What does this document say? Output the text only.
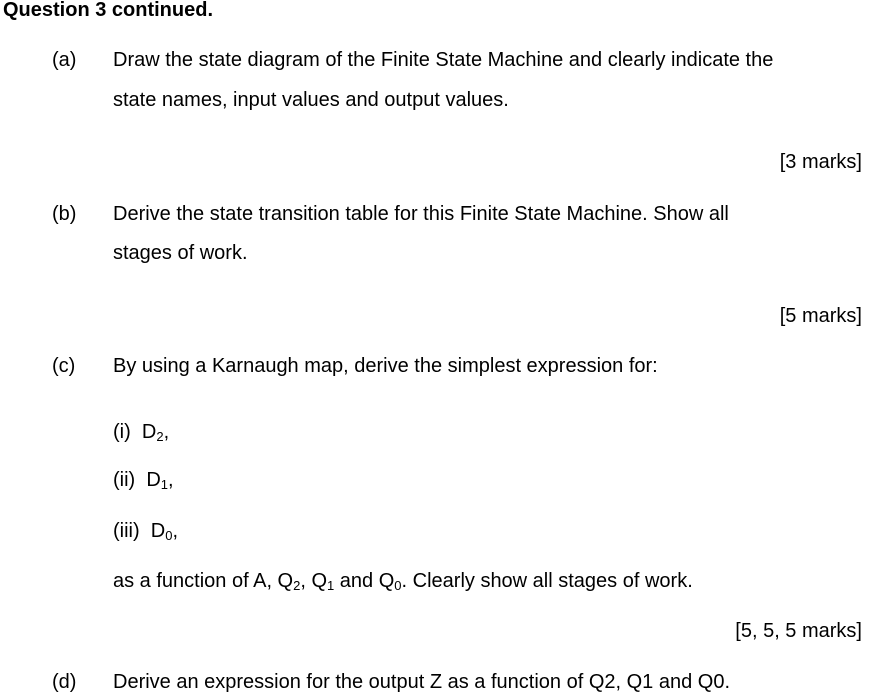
Question 3 continued.
(a) Draw the state diagram of the Finite State Machine and clearly indicate the
state names, input values and output values.
[3 marks]
(b) Derive the state transition table for this Finite State Machine. Show all
stages of work.
[5 marks]
(c) By using a Karnaugh map, derive the simplest expression for:
(i) $D_2$,
(ii) $D_1$,
(iii) $D_0$,
as a function of A, $Q_2$, $Q_1$ and $Q_0$. Clearly show all stages of work.
[5, 5, 5 marks]
(d) Derive an expression for the output Z as a function of Q2, Q1 and Q0.
